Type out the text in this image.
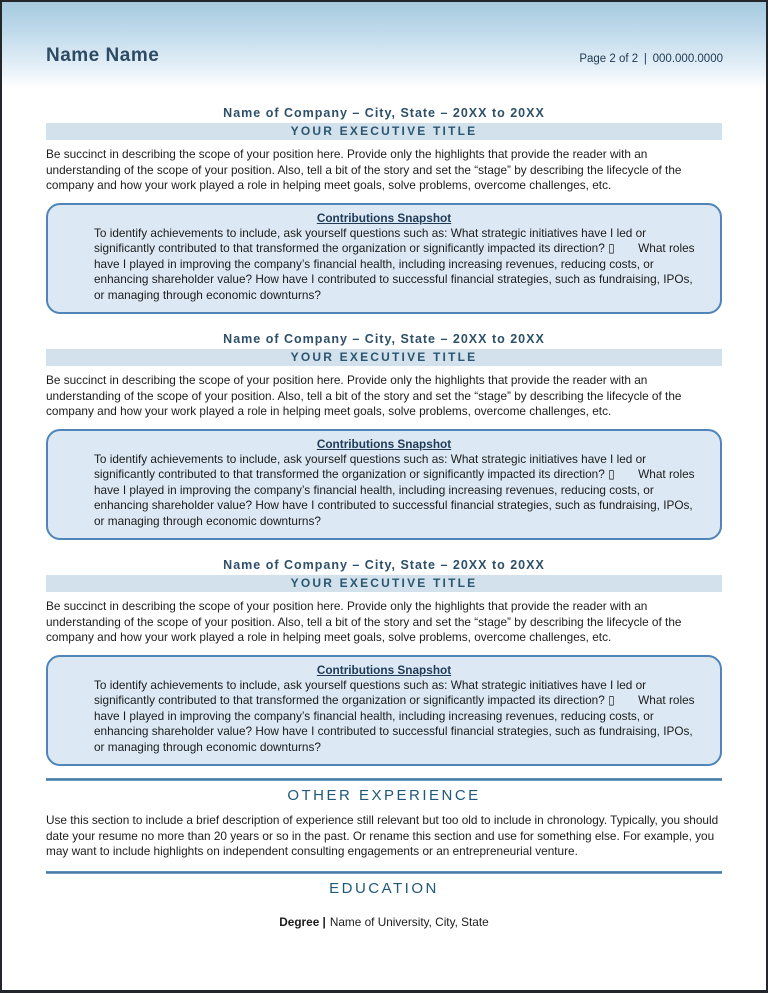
Name Name	Page 2 of 2 | 000.000.0000
Name of Company – City, State – 20XX to 20XX
YOUR EXECUTIVE TITLE

Be succinct in describing the scope of your position here. Provide only the highlights that provide the reader with an understanding of the scope of your position. Also, tell a bit of the story and set the “stage” by describing the lifecycle of the company and how your work played a role in helping meet goals, solve problems, overcome challenges, etc.

Contributions Snapshot
To identify achievements to include, ask yourself questions such as: What strategic initiatives have I led or significantly contributed to that transformed the organization or significantly impacted its direction? ▯  What roles have I played in improving the company’s financial health, including increasing revenues, reducing costs, or enhancing shareholder value? How have I contributed to successful financial strategies, such as fundraising, IPOs, or managing through economic downturns?
Name of Company – City, State – 20XX to 20XX
YOUR EXECUTIVE TITLE

Be succinct in describing the scope of your position here. Provide only the highlights that provide the reader with an understanding of the scope of your position. Also, tell a bit of the story and set the “stage” by describing the lifecycle of the company and how your work played a role in helping meet goals, solve problems, overcome challenges, etc.

Contributions Snapshot
To identify achievements to include, ask yourself questions such as: What strategic initiatives have I led or significantly contributed to that transformed the organization or significantly impacted its direction? ▯  What roles have I played in improving the company’s financial health, including increasing revenues, reducing costs, or enhancing shareholder value? How have I contributed to successful financial strategies, such as fundraising, IPOs, or managing through economic downturns?
Name of Company – City, State – 20XX to 20XX
YOUR EXECUTIVE TITLE

Be succinct in describing the scope of your position here. Provide only the highlights that provide the reader with an understanding of the scope of your position. Also, tell a bit of the story and set the “stage” by describing the lifecycle of the company and how your work played a role in helping meet goals, solve problems, overcome challenges, etc.

Contributions Snapshot
To identify achievements to include, ask yourself questions such as: What strategic initiatives have I led or significantly contributed to that transformed the organization or significantly impacted its direction? ▯  What roles have I played in improving the company’s financial health, including increasing revenues, reducing costs, or enhancing shareholder value? How have I contributed to successful financial strategies, such as fundraising, IPOs, or managing through economic downturns?
OTHER EXPERIENCE

Use this section to include a brief description of experience still relevant but too old to include in chronology. Typically, you should date your resume no more than 20 years or so in the past. Or rename this section and use for something else. For example, you may want to include highlights on independent consulting engagements or an entrepreneurial venture.

EDUCATION

Degree | Name of University, City, State
